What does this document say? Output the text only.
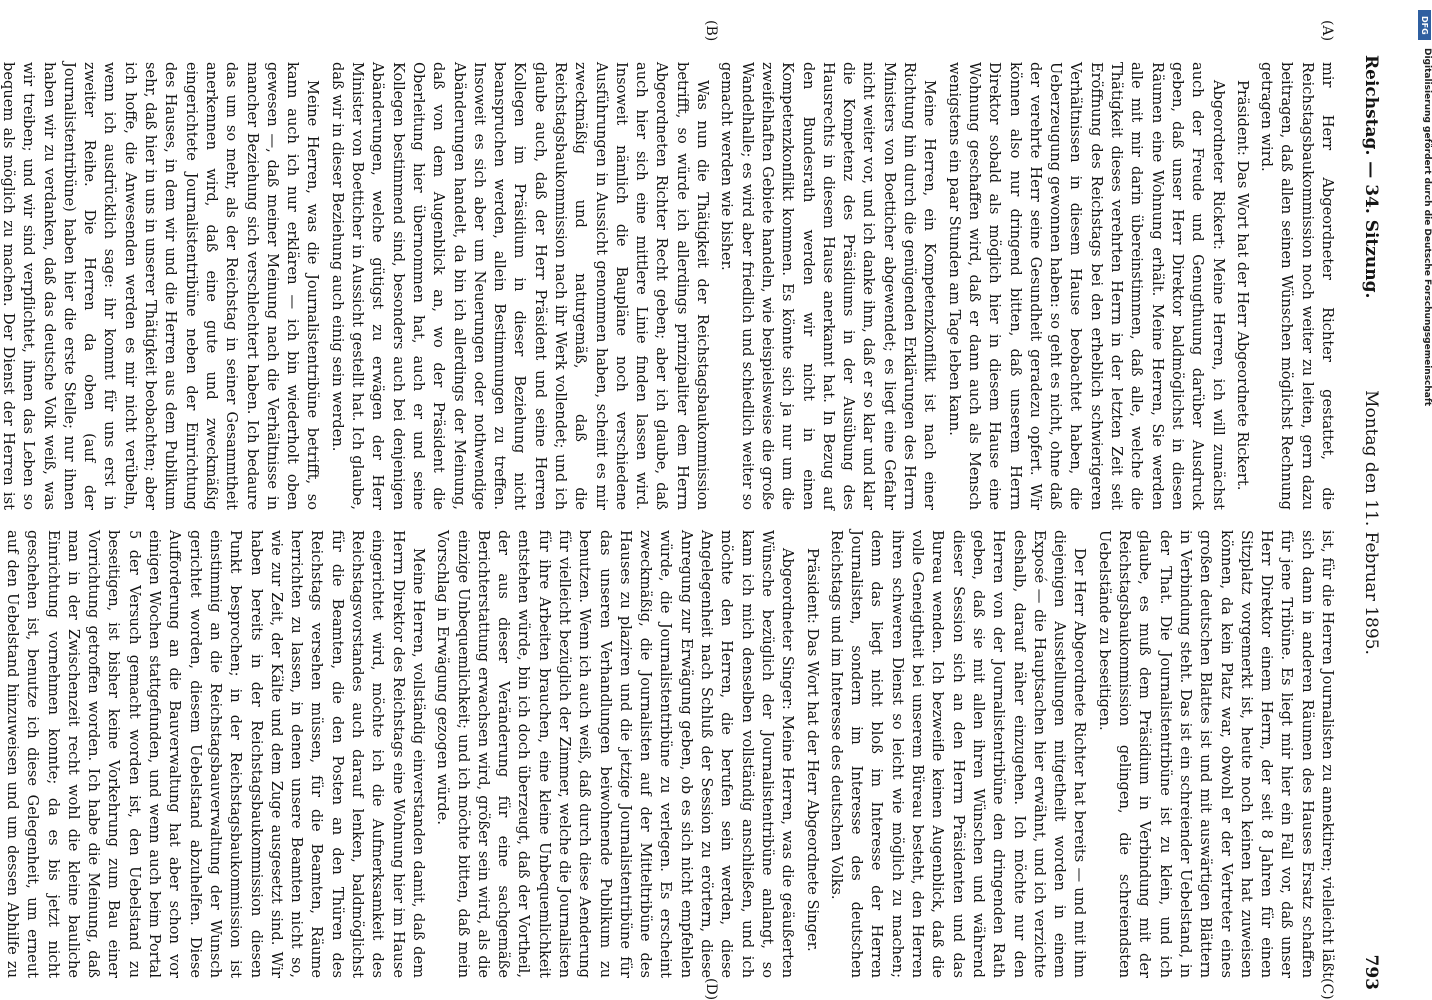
Reichstag. — 34. Sitzung.
Montag den 11. Februar 1895.
793
(A)
(B)
(C)
(D)

mir Herr Abgeordneter Richter gestattet, die Reichstagsbaukommission noch weiter zu leiten, gern dazu beitragen, daß allen seinen Wünschen möglichst Rechnung getragen wird.

Präsident: Das Wort hat der Herr Abgeordnete Rickert.

Abgeordneter Rickert: Meine Herren, ich will zunächst auch der Freude und Genugthuung darüber Ausdruck geben, daß unser Herr Direktor baldmöglichst in diesen Räumen eine Wohnung erhält. Meine Herren, Sie werden alle mit mir darin übereinstimmen, daß alle, welche die Thätigkeit dieses verehrten Herrn in der letzten Zeit seit Eröffnung des Reichstags bei den erheblich schwierigeren Verhältnissen in diesem Hause beobachtet haben, die Ueberzeugung gewonnen haben: so geht es nicht, ohne daß der verehrte Herr seine Gesundheit geradezu opfert. Wir können also nur dringend bitten, daß unserem Herrn Direktor sobald als möglich hier in diesem Hause eine Wohnung geschaffen wird, daß er dann auch als Mensch wenigstens ein paar Stunden am Tage leben kann.

Meine Herren, ein Kompetenzkonflikt ist nach einer Richtung hin durch die genügenden Erklärungen des Herrn Ministers von Boetticher abgewendet; es liegt eine Gefahr nicht weiter vor, und ich danke ihm, daß er so klar und klar die Kompetenz des Präsidiums in der Ausübung des Hausrechts in diesem Hause anerkannt hat. In Bezug auf den Bundesrath werden wir nicht in einen Kompetenzkonflikt kommen. Es könnte sich ja nur um die zweifelhaften Gebiete handeln, wie beispielsweise die große Wandelhalle; es wird aber friedlich und schiedlich weiter so gemacht werden wie bisher.

Was nun die Thätigkeit der Reichstagsbaukommission betrifft, so würde ich allerdings prinzipaliter dem Herrn Abgeordneten Richter Recht geben; aber ich glaube, daß auch hier sich eine mittlere Linie finden lassen wird. Insoweit nämlich die Baupläne noch verschiedene Ausführungen in Aussicht genommen haben, scheint es mir zweckmäßig und naturgemäß, daß die Reichstagsbaukommission nach ihr Werk vollendet; und ich glaube auch, daß der Herr Präsident und seine Herren Kollegen im Präsidium in dieser Beziehung nicht beanspruchen werden, allein Bestimmungen zu treffen. Insoweit es sich aber um Neuerungen oder nothwendige Abänderungen handelt, da bin ich allerdings der Meinung, daß von dem Augenblick an, wo der Präsident die Oberleitung hier übernommen hat, auch er und seine Kollegen bestimmend sind, besonders auch bei denjenigen Abänderungen, welche gütigst zu erwägen der Herr Minister von Boetticher in Aussicht gestellt hat. Ich glaube, daß wir in dieser Beziehung auch einig sein werden.

Meine Herren, was die Journalistentribüne betrifft, so kann auch ich nur erklären — ich bin wiederholt oben gewesen —, daß meiner Meinung nach die Verhältnisse in mancher Beziehung sich verschlechtert haben. Ich bedaure das um so mehr, als der Reichstag in seiner Gesammtheit anerkennen wird, daß eine gute und zweckmäßig eingerichtete Journalistentribüne neben der Einrichtung des Hauses, in dem wir und die Herren aus dem Publikum sehr, daß hier in uns in unserer Thätigkeit beobachten; aber ich hoffe, die Anwesenden werden es mir nicht verübeln, wenn ich ausdrücklich sage: ihr kommt für uns erst in zweiter Reihe. Die Herren da oben (auf der Journalistentribüne) haben hier die erste Stelle; nur ihnen haben wir zu verdanken, daß das deutsche Volk weiß, was wir treiben; und wir sind verpflichtet, ihnen das Leben so bequem als möglich zu machen. Der Dienst der Herren ist

ist, für die Herren Journalisten zu annektiren; vielleicht läßt sich dann in anderen Räumen des Hauses Ersatz schaffen für jene Tribüne. Es liegt mir hier ein Fall vor, daß unser Herr Direktor einem Herrn, der seit 8 Jahren für einen Sitzplatz vorgemerkt ist, heute noch keinen hat zuweisen können, da kein Platz war, obwohl er der Vertreter eines großen deutschen Blattes ist und mit auswärtigen Blättern in Verbindung steht. Das ist ein schreiender Uebelstand, in der That. Die Journalistentribüne ist zu klein, und ich glaube, es muß dem Präsidium in Verbindung mit der Reichstagsbaukommission gelingen, die schreiendsten Uebelstände zu beseitigen.

Der Herr Abgeordnete Richter hat bereits — und mit ihm diejenigen Ausstellungen mitgetheilt worden in einem Exposé — die Hauptsachen hier erwähnt, und ich verzichte deshalb, darauf näher einzugehen. Ich möchte nur den Herren von der Journalistentribüne den dringenden Rath geben, daß sie mit allen ihren Wünschen und während dieser Session sich an den Herrn Präsidenten und das Bureau wenden. Ich bezweifle keinen Augenblick, daß die volle Geneigtheit bei unserem Büreau besteht, den Herren ihren schweren Dienst so leicht wie möglich zu machen; denn das liegt nicht bloß im Interesse der Herren Journalisten, sondern im Interesse des deutschen Reichstags und im Interesse des deutschen Volks.

Präsident: Das Wort hat der Herr Abgeordnete Singer.

Abgeordneter Singer: Meine Herren, was die geäußerten Wünsche bezüglich der Journalistentribüne anlangt, so kann ich mich denselben vollständig anschließen, und ich möchte den Herren, die berufen sein werden, diese Angelegenheit nach Schluß der Session zu erörtern, diese Anregung zur Erwägung geben, ob es sich nicht empfehlen würde, die Journalistentribüne zu verlegen. Es erscheint zweckmäßig, die Journalisten auf der Mitteltribüne des Hauses zu plaziren und die jetzige Journalistentribüne für das unseren Verhandlungen beiwohnende Publikum zu benutzen. Wenn ich auch weiß, daß durch diese Aenderung für vielleicht bezüglich der Zimmer, welche die Journalisten für ihre Arbeiten brauchen, eine kleine Unbequemlichkeit entstehen würde, bin ich doch überzeugt, daß der Vortheil, der aus dieser Veränderung für eine sachgemäße Berichterstattung erwachsen wird, größer sein wird, als die einzige Unbequemlichkeit; und ich möchte bitten, daß mein Vorschlag in Erwägung gezogen würde.

Meine Herren, vollständig einverstanden damit, daß dem Herrn Direktor des Reichstags eine Wohnung hier im Hause eingerichtet wird, möchte ich die Aufmerksamkeit des Reichstagsvorstandes auch darauf lenken, baldmöglichst für die Beamten, die den Posten an den Thüren des Reichstags versehen müssen, für die Beamten, Räume herrichten zu lassen, in denen unsere Beamten nicht so, wie zur Zeit, der Kälte und dem Zuge ausgesetzt sind. Wir haben bereits in der Reichstagsbaukommission diesen Punkt besprochen; in der Reichstagsbaukommission ist einstimmig an die Reichstagsbauverwaltung der Wunsch gerichtet worden, diesem Uebelstand abzuhelfen. Diese Aufforderung an die Bauverwaltung hat aber schon vor einigen Wochen stattgefunden, und wenn auch beim Portal 5 der Versuch gemacht worden ist, den Uebelstand zu beseitigen, ist bisher keine Vorkehrung zum Bau einer Vorrichtung getroffen worden. Ich habe die Meinung, daß man in der Zwischenzeit recht wohl die kleine bauliche Einrichtung vornehmen konnte; da es bis jetzt nicht geschehen ist, benutze ich diese Gelegenheit, um erneut auf den Uebelstand hinzuweisen und um dessen Abhilfe zu

DFG
Digitalisierung gefördert durch die Deutsche Forschungsgemeinschaft
